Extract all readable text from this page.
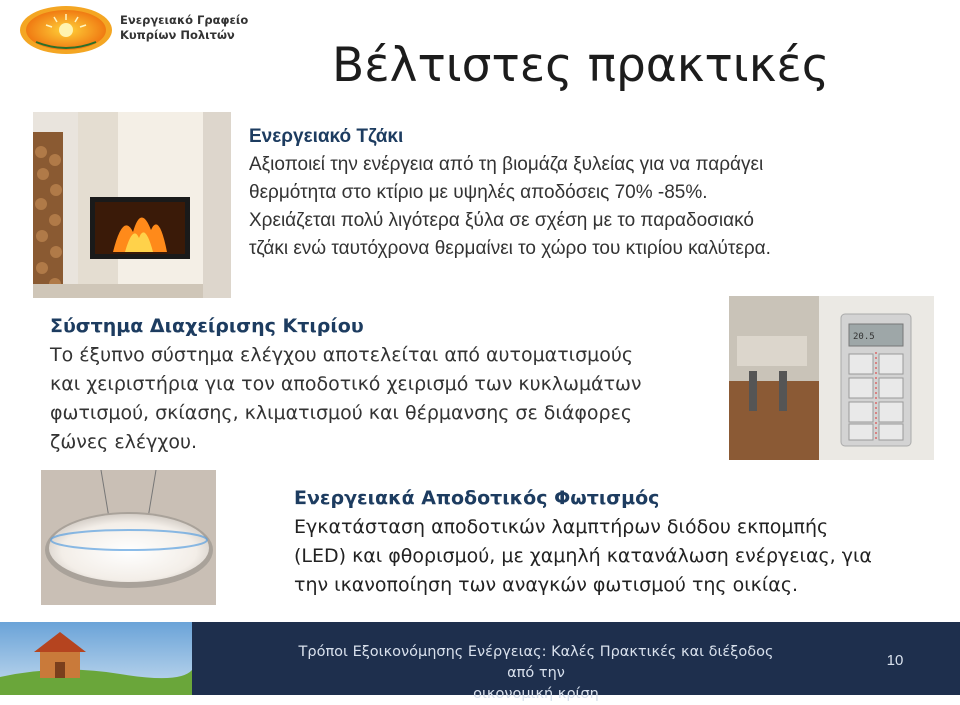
Ενεργειακό Γραφείο
Κυπρίων Πολιτών
Βέλτιστες πρακτικές
Ενεργειακό Τζάκι
Αξιοποιεί την ενέργεια από τη βιομάζα ξυλείας για να παράγει
θερμότητα στο κτίριο με υψηλές αποδόσεις 70% -85%.
Χρειάζεται πολύ λιγότερα ξύλα σε σχέση με το παραδοσιακό
τζάκι ενώ ταυτόχρονα θερμαίνει το χώρο του κτιρίου καλύτερα.
Σύστημα Διαχείρισης Κτιρίου
Το έξυπνο σύστημα ελέγχου αποτελείται από αυτοματισμούς
και χειριστήρια για τον αποδοτικό χειρισμό των κυκλωμάτων
φωτισμού, σκίασης, κλιματισμού και θέρμανσης σε διάφορες
ζώνες ελέγχου.
20.5
Ενεργειακά Αποδοτικός Φωτισμός
Εγκατάσταση αποδοτικών λαμπτήρων διόδου εκπομπής
(LED) και φθορισμού, με χαμηλή κατανάλωση ενέργειας, για
την ικανοποίηση των αναγκών φωτισμού της οικίας.
Τρόποι Εξοικονόμησης Ενέργειας: Καλές Πρακτικές και διέξοδος από την
οικονομική κρίση
10
